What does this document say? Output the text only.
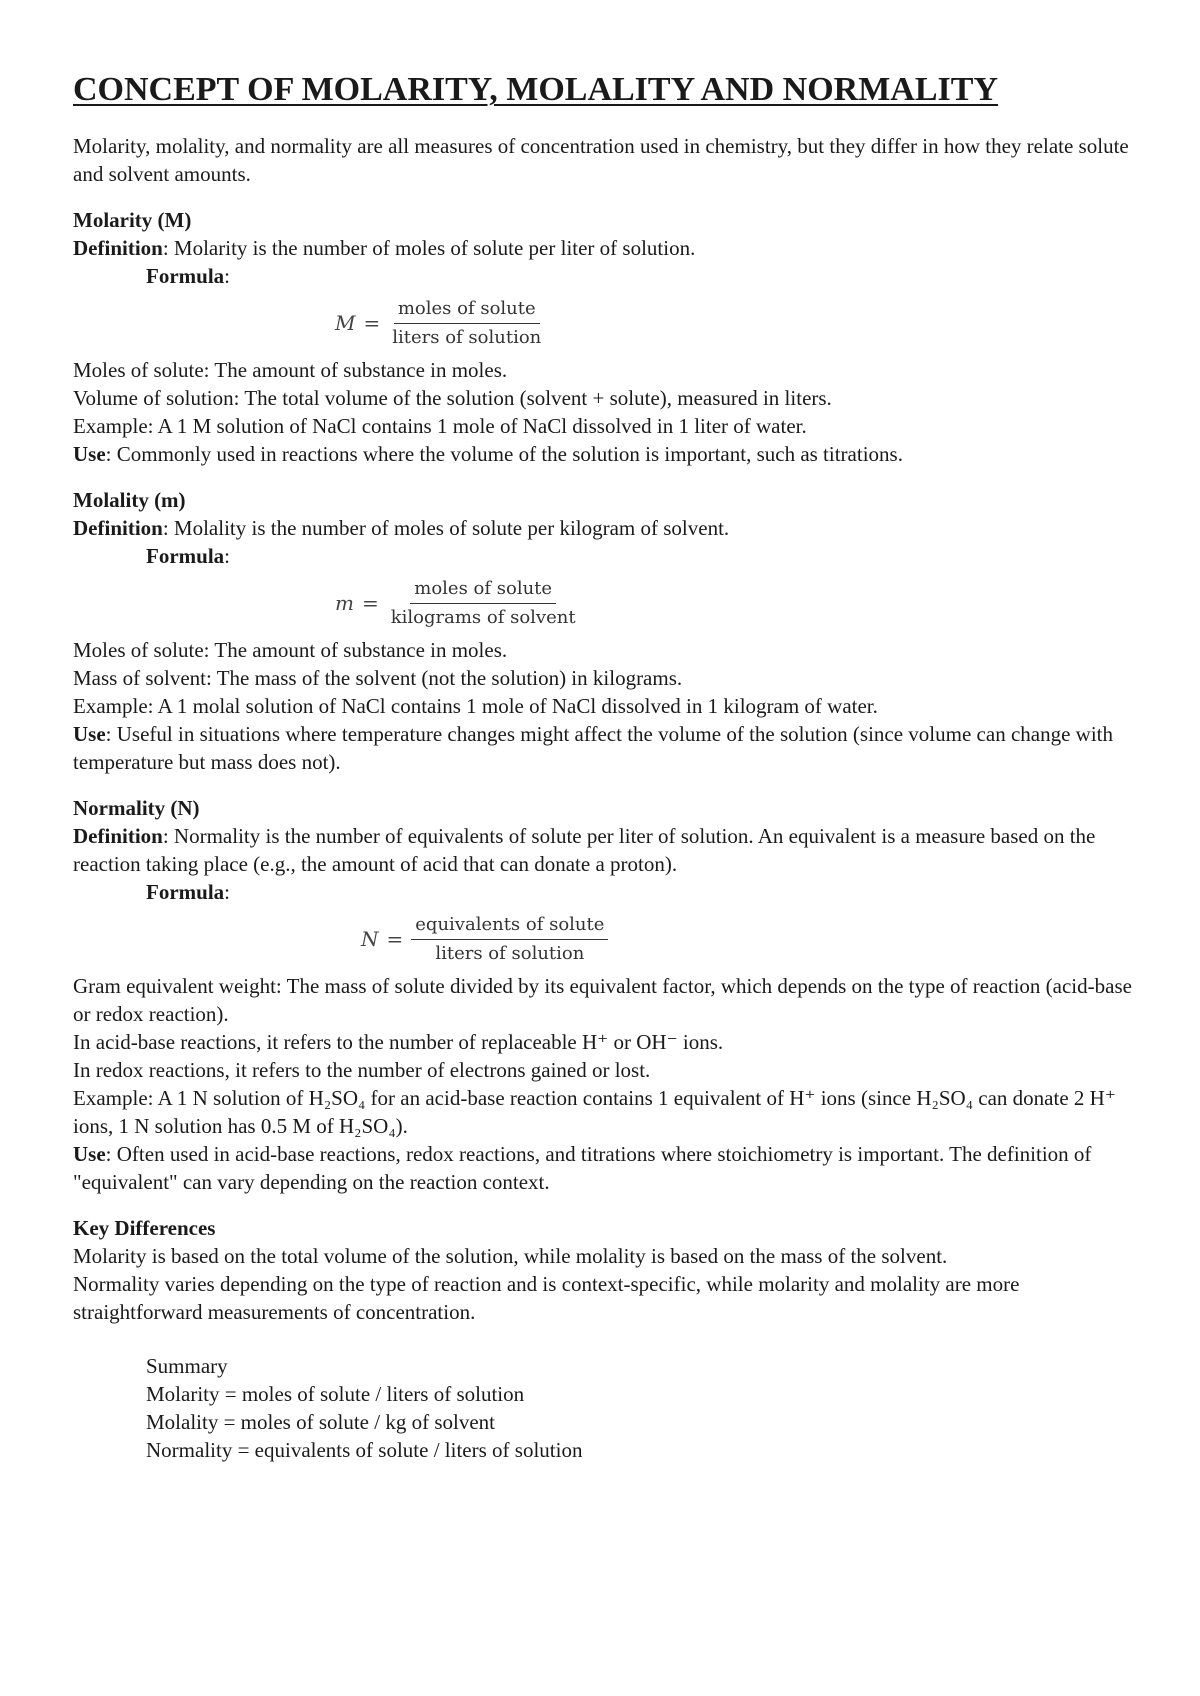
CONCEPT OF MOLARITY, MOLALITY AND NORMALITY

Molarity, molality, and normality are all measures of concentration used in chemistry, but they differ in how they relate solute and solvent amounts.

Molarity (M)

Definition: Molarity is the number of moles of solute per liter of solution.

Formula:

$M = \frac{\text{moles of solute}}{\text{liters of solution}}$

Moles of solute: The amount of substance in moles.

Volume of solution: The total volume of the solution (solvent + solute), measured in liters.

Example: A 1 M solution of NaCl contains 1 mole of NaCl dissolved in 1 liter of water.

Use: Commonly used in reactions where the volume of the solution is important, such as titrations.

Molality (m)

Definition: Molality is the number of moles of solute per kilogram of solvent.

Formula:

$m = \frac{\text{moles of solute}}{\text{kilograms of solvent}}$

Moles of solute: The amount of substance in moles.

Mass of solvent: The mass of the solvent (not the solution) in kilograms.

Example: A 1 molal solution of NaCl contains 1 mole of NaCl dissolved in 1 kilogram of water.

Use: Useful in situations where temperature changes might affect the volume of the solution (since volume can change with temperature but mass does not).

Normality (N)

Definition: Normality is the number of equivalents of solute per liter of solution. An equivalent is a measure based on the reaction taking place (e.g., the amount of acid that can donate a proton).

Formula:

$N = \frac{\text{equivalents of solute}}{\text{liters of solution}}$

Gram equivalent weight: The mass of solute divided by its equivalent factor, which depends on the type of reaction (acid-base or redox reaction).

In acid-base reactions, it refers to the number of replaceable H⁺ or OH⁻ ions.

In redox reactions, it refers to the number of electrons gained or lost.

Example: A 1 N solution of H₂SO₄ for an acid-base reaction contains 1 equivalent of H⁺ ions (since H₂SO₄ can donate 2 H⁺ ions, 1 N solution has 0.5 M of H₂SO₄).

Use: Often used in acid-base reactions, redox reactions, and titrations where stoichiometry is important. The definition of "equivalent" can vary depending on the reaction context.

Key Differences

Molarity is based on the total volume of the solution, while molality is based on the mass of the solvent.

Normality varies depending on the type of reaction and is context-specific, while molarity and molality are more straightforward measurements of concentration.

Summary

Molarity = moles of solute / liters of solution

Molality = moles of solute / kg of solvent

Normality = equivalents of solute / liters of solution
